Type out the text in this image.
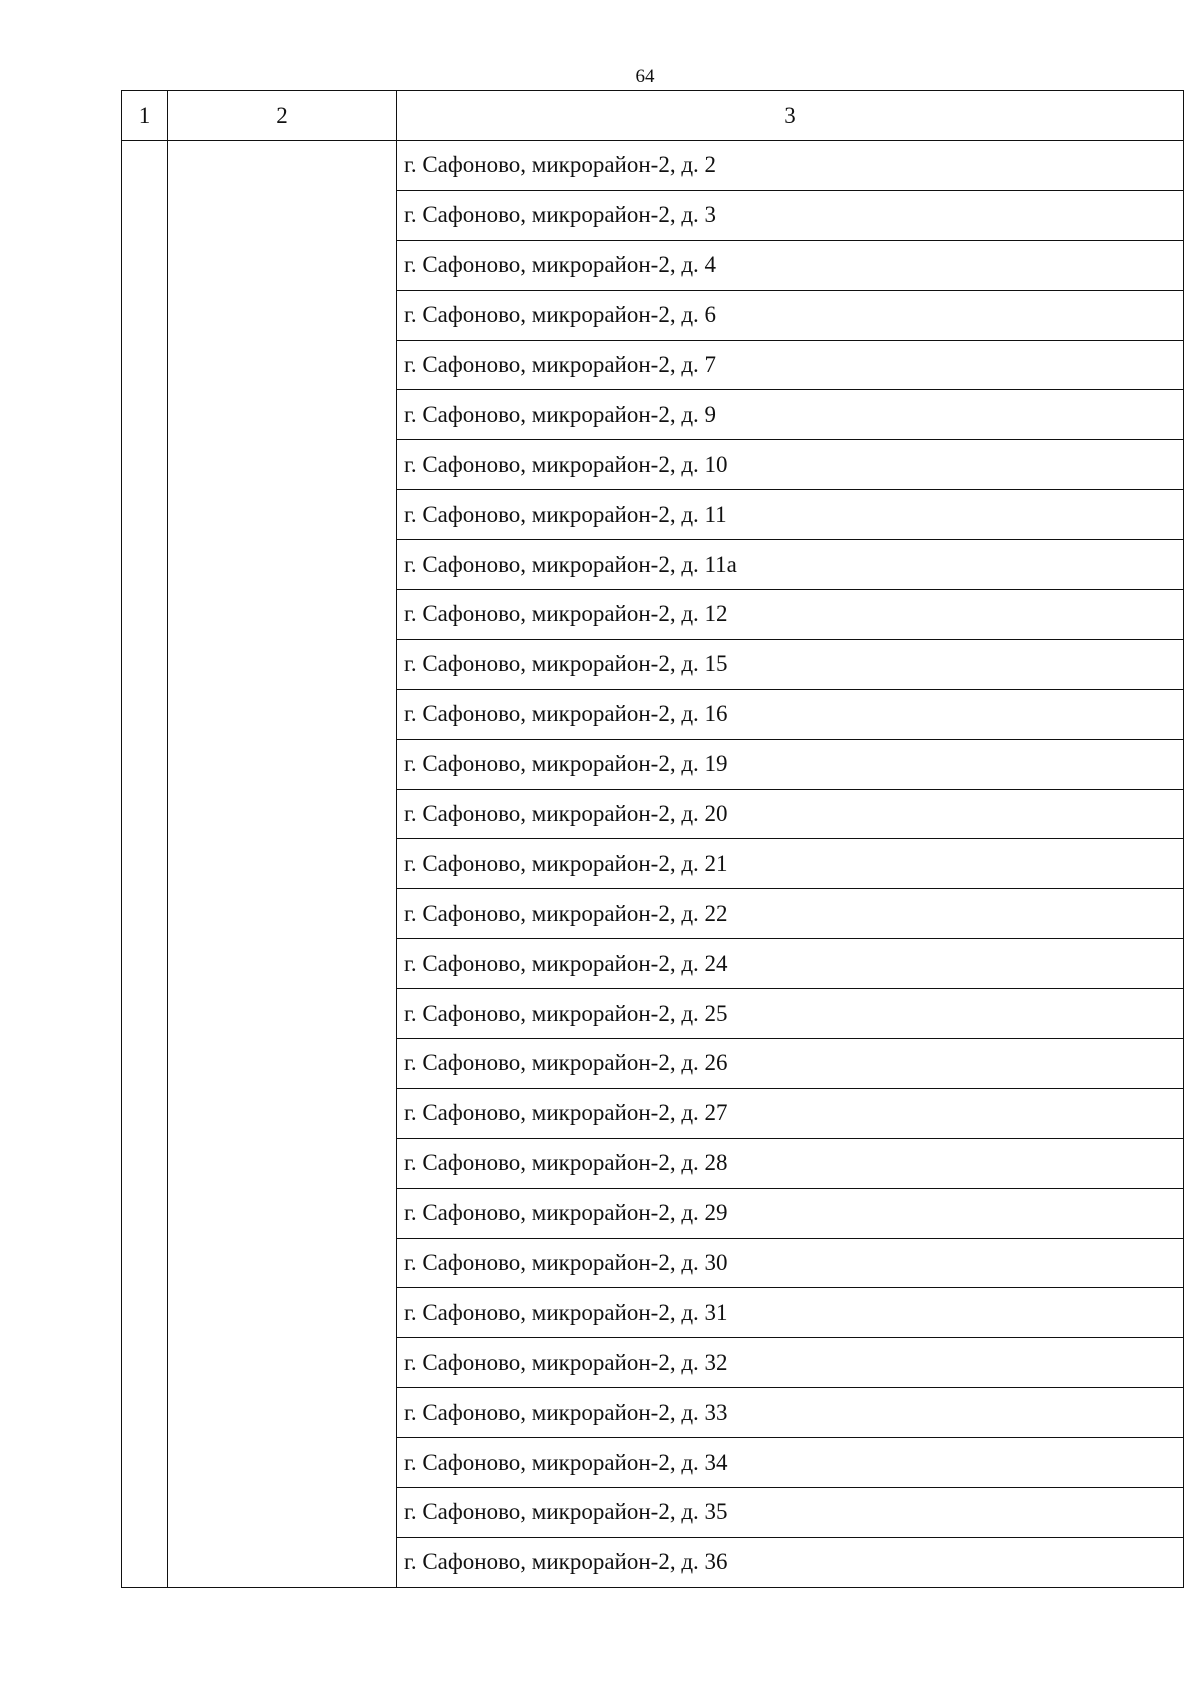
64
1	2	3
		г. Сафоново, микрорайон-2, д. 2
		г. Сафоново, микрорайон-2, д. 3
		г. Сафоново, микрорайон-2, д. 4
		г. Сафоново, микрорайон-2, д. 6
		г. Сафоново, микрорайон-2, д. 7
		г. Сафоново, микрорайон-2, д. 9
		г. Сафоново, микрорайон-2, д. 10
		г. Сафоново, микрорайон-2, д. 11
		г. Сафоново, микрорайон-2, д. 11а
		г. Сафоново, микрорайон-2, д. 12
		г. Сафоново, микрорайон-2, д. 15
		г. Сафоново, микрорайон-2, д. 16
		г. Сафоново, микрорайон-2, д. 19
		г. Сафоново, микрорайон-2, д. 20
		г. Сафоново, микрорайон-2, д. 21
		г. Сафоново, микрорайон-2, д. 22
		г. Сафоново, микрорайон-2, д. 24
		г. Сафоново, микрорайон-2, д. 25
		г. Сафоново, микрорайон-2, д. 26
		г. Сафоново, микрорайон-2, д. 27
		г. Сафоново, микрорайон-2, д. 28
		г. Сафоново, микрорайон-2, д. 29
		г. Сафоново, микрорайон-2, д. 30
		г. Сафоново, микрорайон-2, д. 31
		г. Сафоново, микрорайон-2, д. 32
		г. Сафоново, микрорайон-2, д. 33
		г. Сафоново, микрорайон-2, д. 34
		г. Сафоново, микрорайон-2, д. 35
		г. Сафоново, микрорайон-2, д. 36
